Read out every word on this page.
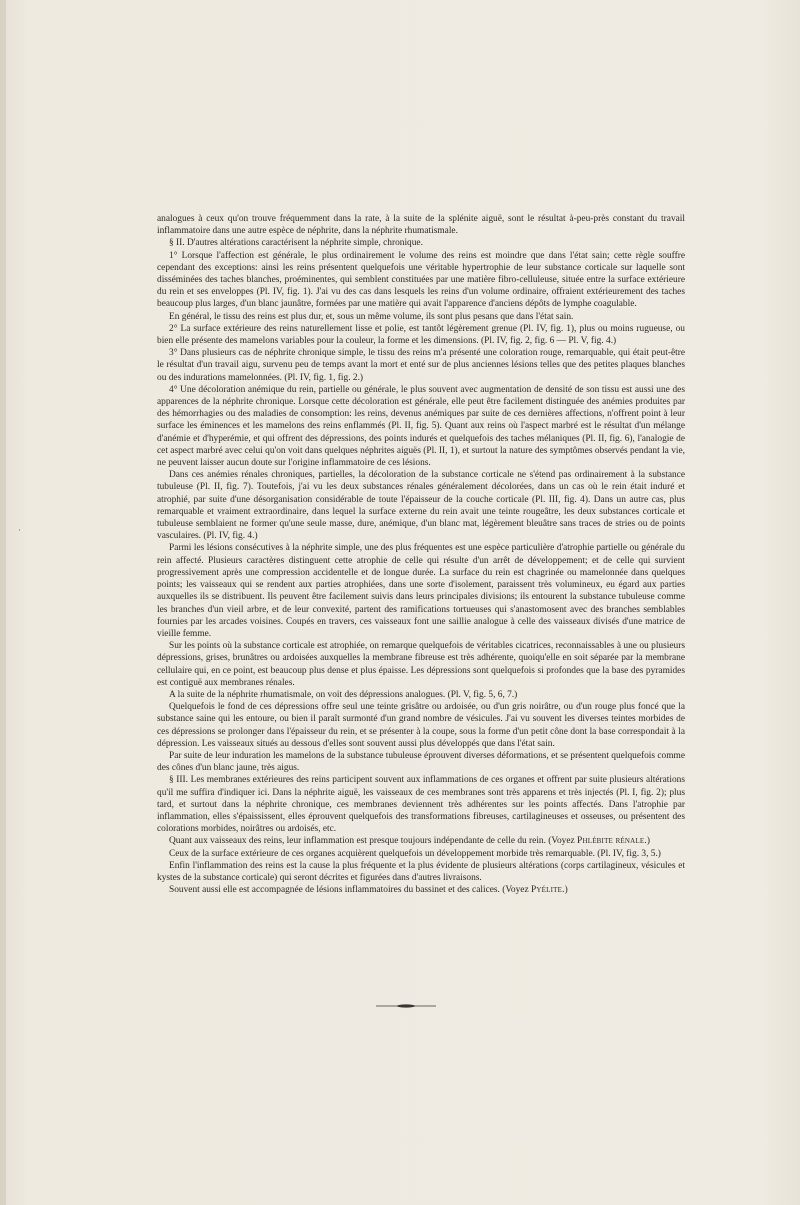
·

analogues à ceux qu'on trouve fréquemment dans la rate, à la suite de la splénite aiguë, sont le résultat à-peu-près constant du travail inflammatoire dans une autre espèce de néphrite, dans la néphrite rhumatismale.

§ II. D'autres altérations caractérisent la néphrite simple, chronique.

1° Lorsque l'affection est générale, le plus ordinairement le volume des reins est moindre que dans l'état sain; cette règle souffre cependant des exceptions: ainsi les reins présentent quelquefois une véritable hypertrophie de leur substance corticale sur laquelle sont disséminées des taches blanches, proéminentes, qui semblent constituées par une matière fibro-celluleuse, située entre la surface extérieure du rein et ses enveloppes (Pl. IV, fig. 1). J'ai vu des cas dans lesquels les reins d'un volume ordinaire, offraient extérieurement des taches beaucoup plus larges, d'un blanc jaunâtre, formées par une matière qui avait l'apparence d'anciens dépôts de lymphe coagulable.

En général, le tissu des reins est plus dur, et, sous un même volume, ils sont plus pesans que dans l'état sain.

2° La surface extérieure des reins naturellement lisse et polie, est tantôt légèrement grenue (Pl. IV, fig. 1), plus ou moins rugueuse, ou bien elle présente des mamelons variables pour la couleur, la forme et les dimensions. (Pl. IV, fig. 2, fig. 6 — Pl. V, fig. 4.)

3° Dans plusieurs cas de néphrite chronique simple, le tissu des reins m'a présenté une coloration rouge, remarquable, qui était peut-être le résultat d'un travail aigu, survenu peu de temps avant la mort et enté sur de plus anciennes lésions telles que des petites plaques blanches ou des indurations mamelonnées. (Pl. IV, fig. 1, fig. 2.)

4° Une décoloration anémique du rein, partielle ou générale, le plus souvent avec augmentation de densité de son tissu est aussi une des apparences de la néphrite chronique. Lorsque cette décoloration est générale, elle peut être facilement distinguée des anémies produites par des hémorrhagies ou des maladies de consomption: les reins, devenus anémiques par suite de ces dernières affections, n'offrent point à leur surface les éminences et les mamelons des reins enflammés (Pl. II, fig. 5). Quant aux reins où l'aspect marbré est le résultat d'un mélange d'anémie et d'hyperémie, et qui offrent des dépressions, des points indurés et quelquefois des taches mélaniques (Pl. II, fig. 6), l'analogie de cet aspect marbré avec celui qu'on voit dans quelques néphrites aiguës (Pl. II, 1), et surtout la nature des symptômes observés pendant la vie, ne peuvent laisser aucun doute sur l'origine inflammatoire de ces lésions.

Dans ces anémies rénales chroniques, partielles, la décoloration de la substance corticale ne s'étend pas ordinairement à la substance tubuleuse (Pl. II, fig. 7). Toutefois, j'ai vu les deux substances rénales généralement décolorées, dans un cas où le rein était induré et atrophié, par suite d'une désorganisation considérable de toute l'épaisseur de la couche corticale (Pl. III, fig. 4). Dans un autre cas, plus remarquable et vraiment extraordinaire, dans lequel la surface externe du rein avait une teinte rougeâtre, les deux substances corticale et tubuleuse semblaient ne former qu'une seule masse, dure, anémique, d'un blanc mat, légèrement bleuâtre sans traces de stries ou de points vasculaires. (Pl. IV, fig. 4.)

Parmi les lésions consécutives à la néphrite simple, une des plus fréquentes est une espèce particulière d'atrophie partielle ou générale du rein affecté. Plusieurs caractères distinguent cette atrophie de celle qui résulte d'un arrêt de développement; et de celle qui survient progressivement après une compression accidentelle et de longue durée. La surface du rein est chagrinée ou mamelonnée dans quelques points; les vaisseaux qui se rendent aux parties atrophiées, dans une sorte d'isolement, paraissent très volumineux, eu égard aux parties auxquelles ils se distribuent. Ils peuvent être facilement suivis dans leurs principales divisions; ils entourent la substance tubuleuse comme les branches d'un vieil arbre, et de leur convexité, partent des ramifications tortueuses qui s'anastomosent avec des branches semblables fournies par les arcades voisines. Coupés en travers, ces vaisseaux font une saillie analogue à celle des vaisseaux divisés d'une matrice de vieille femme.

Sur les points où la substance corticale est atrophiée, on remarque quelquefois de véritables cicatrices, reconnaissables à une ou plusieurs dépressions, grises, brunâtres ou ardoisées auxquelles la membrane fibreuse est très adhérente, quoiqu'elle en soit séparée par la membrane cellulaire qui, en ce point, est beaucoup plus dense et plus épaisse. Les dépressions sont quelquefois si profondes que la base des pyramides est contiguë aux membranes rénales.

A la suite de la néphrite rhumatismale, on voit des dépressions analogues. (Pl. V, fig. 5, 6, 7.)

Quelquefois le fond de ces dépressions offre seul une teinte grisâtre ou ardoisée, ou d'un gris noirâtre, ou d'un rouge plus foncé que la substance saine qui les entoure, ou bien il paraît surmonté d'un grand nombre de vésicules. J'ai vu souvent les diverses teintes morbides de ces dépressions se prolonger dans l'épaisseur du rein, et se présenter à la coupe, sous la forme d'un petit cône dont la base correspondait à la dépression. Les vaisseaux situés au dessous d'elles sont souvent aussi plus développés que dans l'état sain.

Par suite de leur induration les mamelons de la substance tubuleuse éprouvent diverses déformations, et se présentent quelquefois comme des cônes d'un blanc jaune, très aigus.

§ III. Les membranes extérieures des reins participent souvent aux inflammations de ces organes et offrent par suite plusieurs altérations qu'il me suffira d'indiquer ici. Dans la néphrite aiguë, les vaisseaux de ces membranes sont très apparens et très injectés (Pl. I, fig. 2); plus tard, et surtout dans la néphrite chronique, ces membranes deviennent très adhérentes sur les points affectés. Dans l'atrophie par inflammation, elles s'épaississent, elles éprouvent quelquefois des transformations fibreuses, cartilagineuses et osseuses, ou présentent des colorations morbides, noirâtres ou ardoisés, etc.

Quant aux vaisseaux des reins, leur inflammation est presque toujours indépendante de celle du rein. (Voyez Phlébite rénale.)

Ceux de la surface extérieure de ces organes acquièrent quelquefois un développement morbide très remarquable. (Pl. IV, fig. 3, 5.)

Enfin l'inflammation des reins est la cause la plus fréquente et la plus évidente de plusieurs altérations (corps cartilagineux, vésicules et kystes de la substance corticale) qui seront décrites et figurées dans d'autres livraisons.

Souvent aussi elle est accompagnée de lésions inflammatoires du bassinet et des calices. (Voyez Pyélite.)
